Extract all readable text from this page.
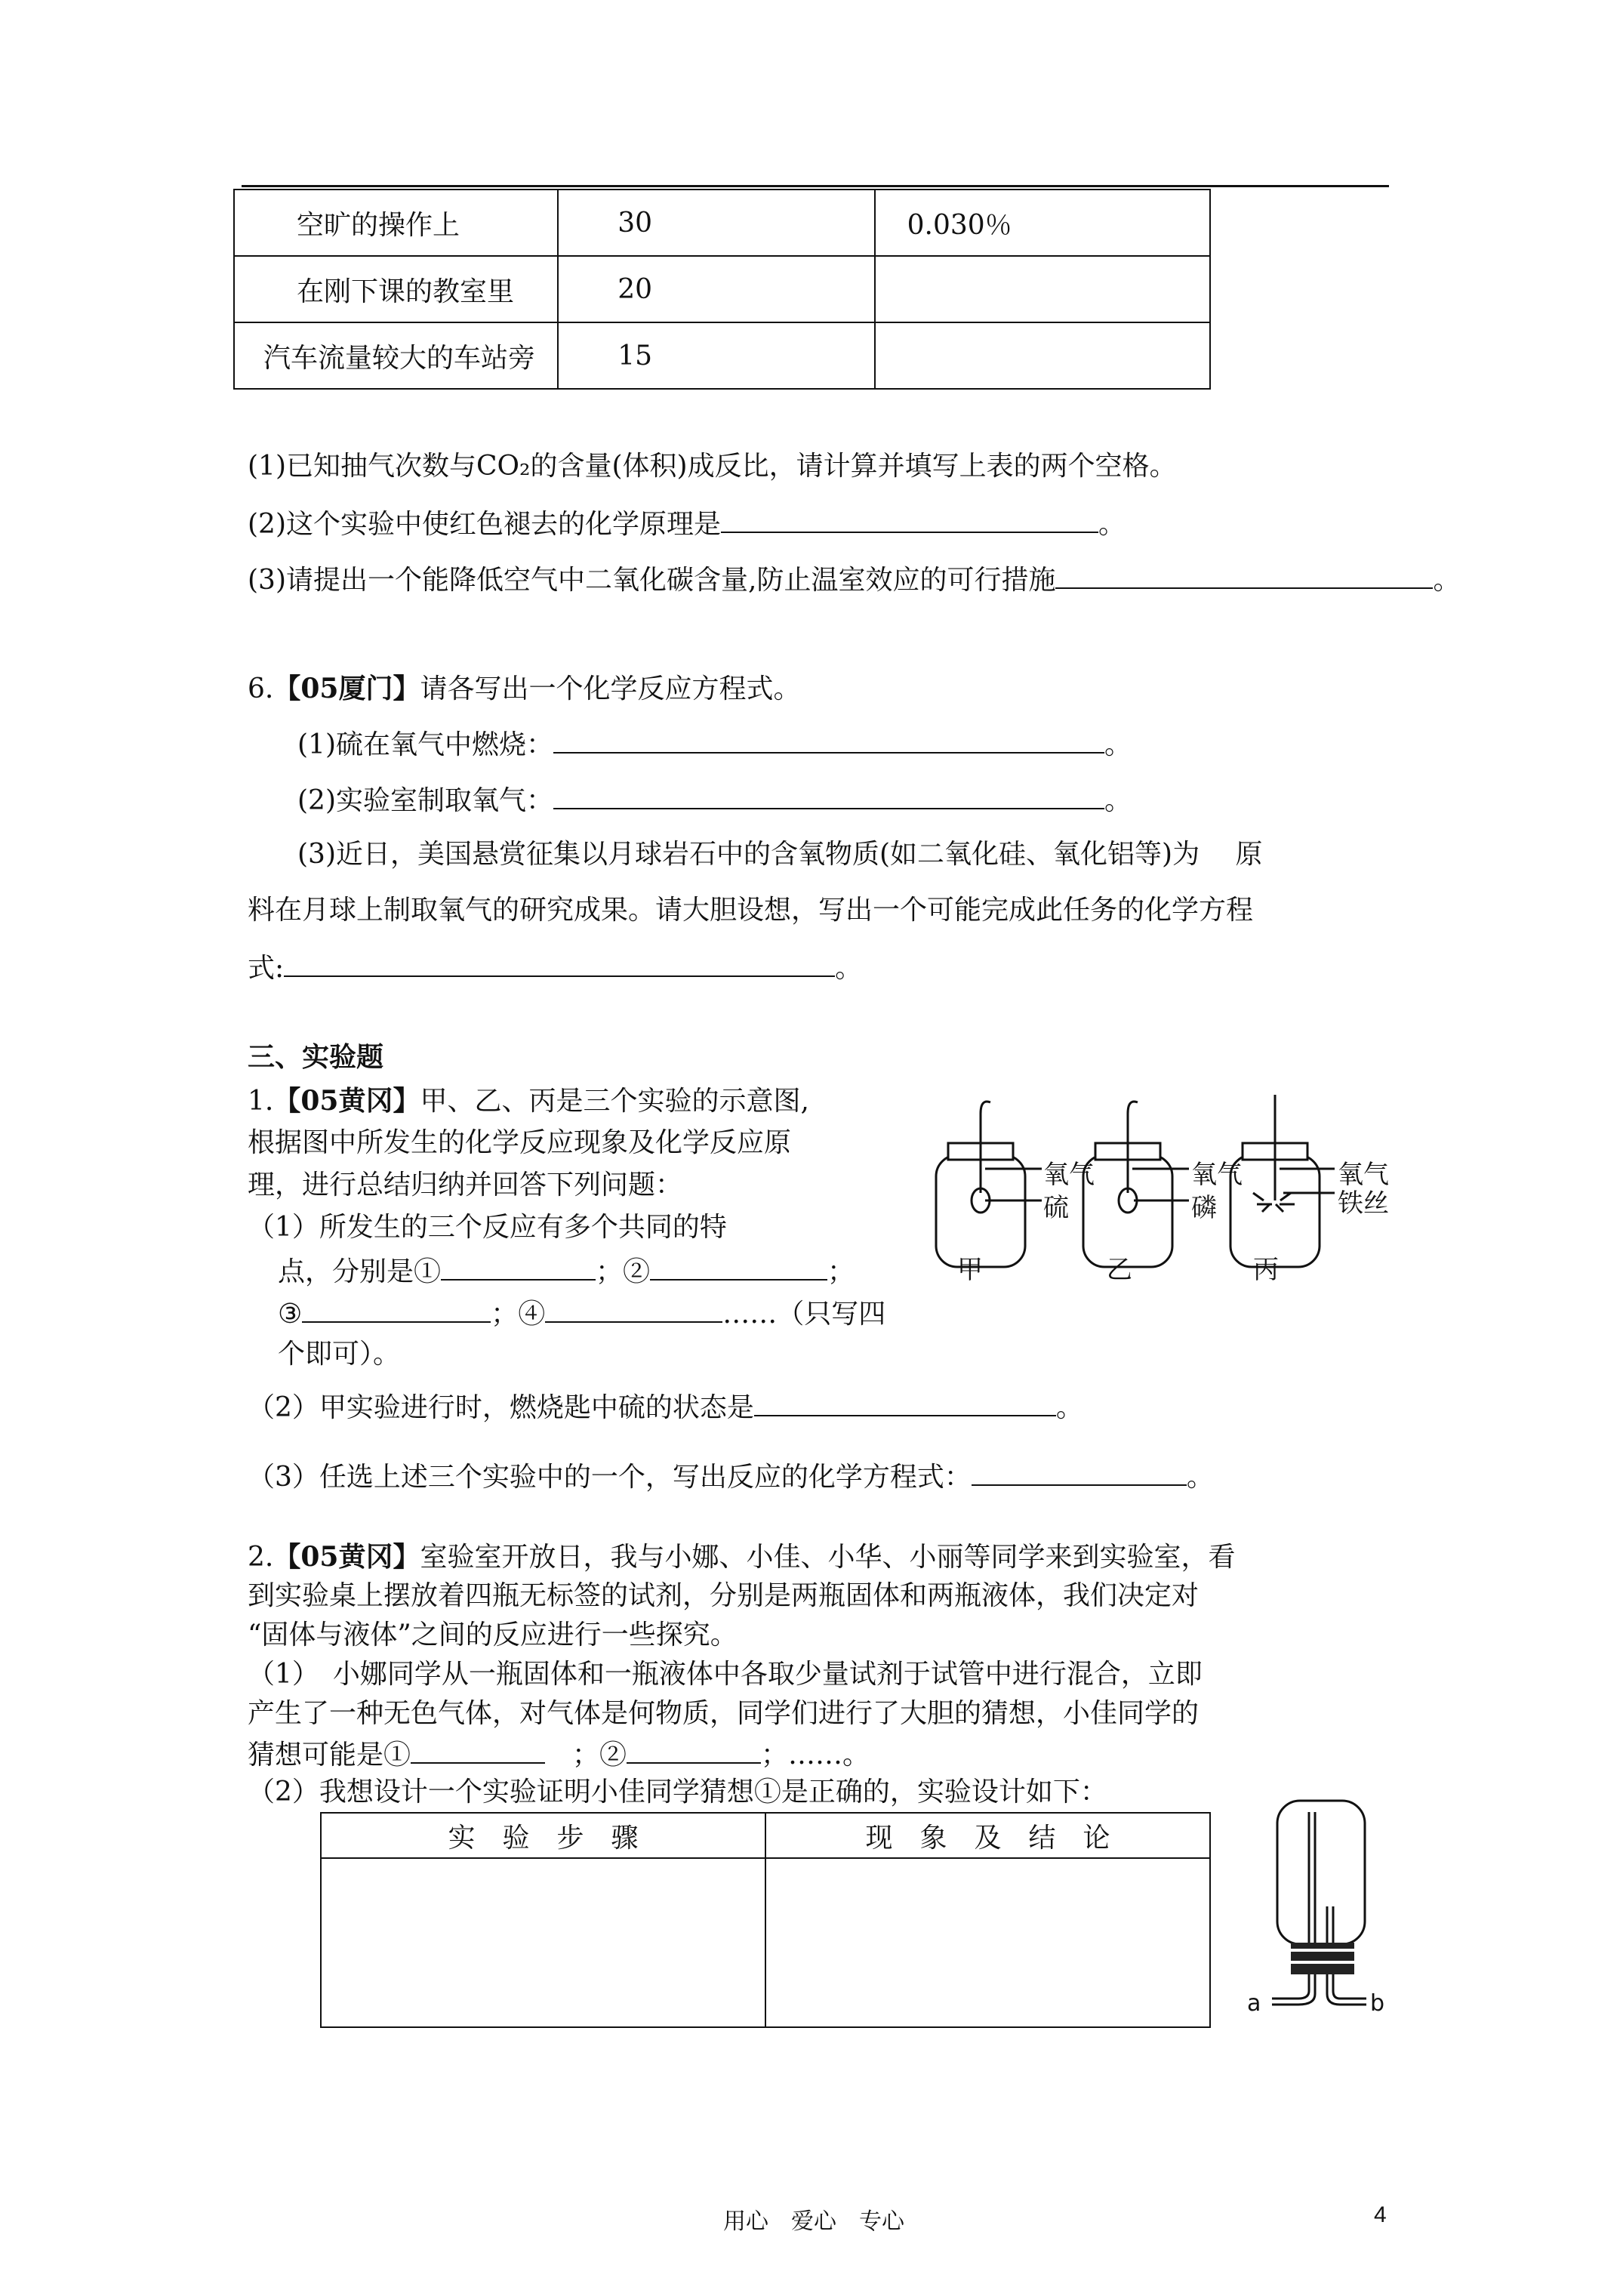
空旷的操作上	30	0.030％
在刚下课的教室里	20	
汽车流量较大的车站旁	15	
(1)已知抽气次数与CO₂的含量(体积)成反比，请计算并填写上表的两个空格。
(2)这个实验中使红色褪去的化学原理是	。
(3)请提出一个能降低空气中二氧化碳含量,防止温室效应的可行措施	。
6.【05厦门】请各写出一个化学反应方程式。
(1)硫在氧气中燃烧：	。
(2)实验室制取氧气：	。
(3)近日，美国悬赏征集以月球岩石中的含氧物质(如二氧化硅、氧化铝等)为　 原
料在月球上制取氧气的研究成果。请大胆设想，写出一个可能完成此任务的化学方程
式:	。
三、实验题
1.【05黄冈】甲、乙、丙是三个实验的示意图,
根据图中所发生的化学反应现象及化学反应原
理，进行总结归纳并回答下列问题：
（1）所发生的三个反应有多个共同的特
点，分别是①	；②	；
③	；④	……（只写四
个即可）。
氧气
硫
氧气
磷
氧气
铁丝
甲	乙	丙
（2）甲实验进行时，燃烧匙中硫的状态是	。
（3）任选上述三个实验中的一个，写出反应的化学方程式：	。
2.【05黄冈】室验室开放日，我与小娜、小佳、小华、小丽等同学来到实验室，看
到实验桌上摆放着四瓶无标签的试剂，分别是两瓶固体和两瓶液体，我们决定对
“固体与液体”之间的反应进行一些探究。
（1）　小娜同学从一瓶固体和一瓶液体中各取少量试剂于试管中进行混合，立即
产生了一种无色气体，对气体是何物质，同学们进行了大胆的猜想，小佳同学的
猜想可能是①	　；②	；……。
（2）我想设计一个实验证明小佳同学猜想①是正确的，实验设计如下：
实　验　步　骤	现　象　及　结　论

a	b
用心　爱心　专心	4
